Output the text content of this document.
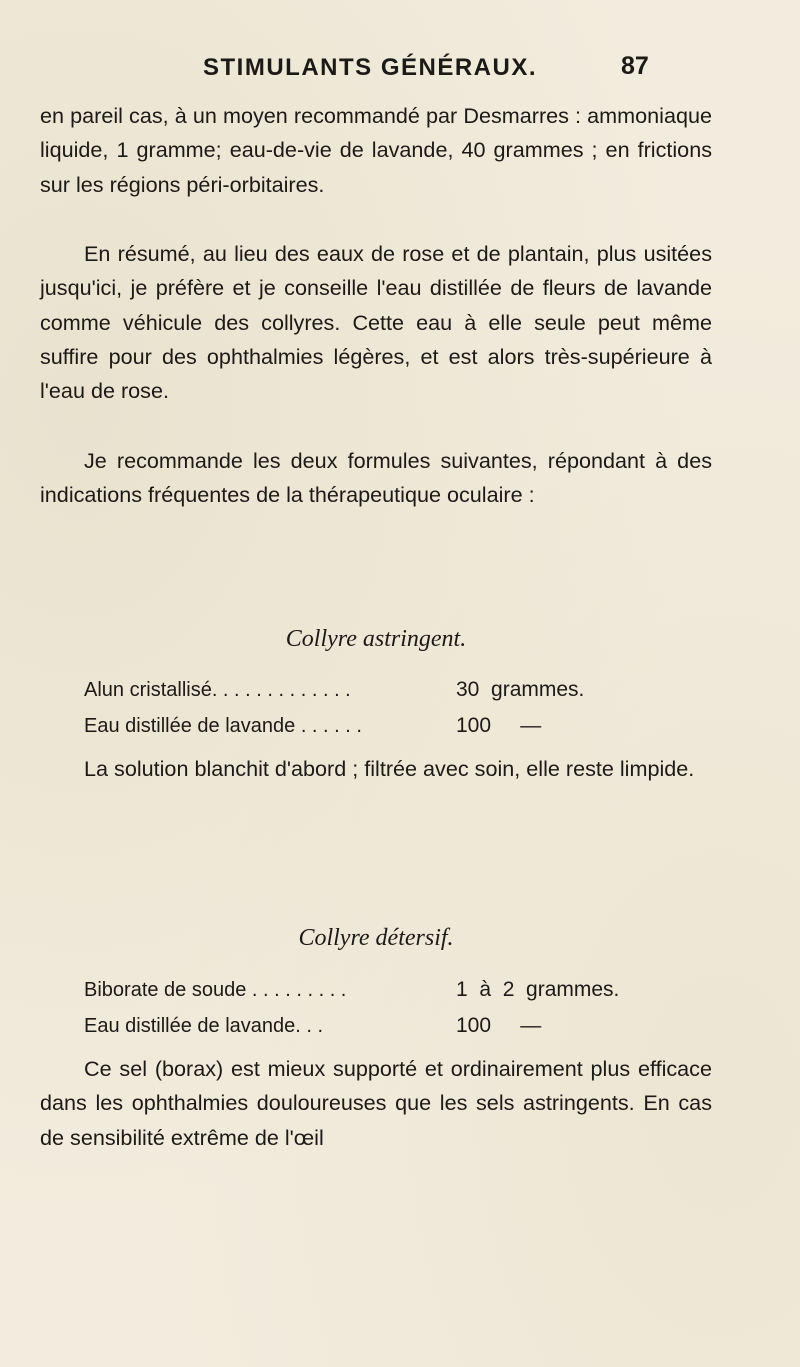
STIMULANTS GÉNÉRAUX.	87

en pareil cas, à un moyen recommandé par Desmarres : ammoniaque liquide, 1 gramme; eau-de-vie de lavande, 40 grammes ; en frictions sur les régions péri-orbitaires.

En résumé, au lieu des eaux de rose et de plantain, plus usitées jusqu'ici, je préfère et je conseille l'eau distillée de fleurs de lavande comme véhicule des collyres. Cette eau à elle seule peut même suffire pour des ophthalmies légères, et est alors très-supérieure à l'eau de rose.

Je recommande les deux formules suivantes, répondant à des indications fréquentes de la thérapeutique oculaire :

Collyre astringent.
Alun cristallisé. . . . . . . . . . . . .	30  grammes.
Eau distillée de lavande . . . . . .	100     —

La solution blanchit d'abord ; filtrée avec soin, elle reste limpide.

Collyre détersif.
Biborate de soude . . . . . . . . .	1  à  2  grammes.
Eau distillée de lavande. . .	100     —

Ce sel (borax) est mieux supporté et ordinairement plus efficace dans les ophthalmies douloureuses que les sels astringents. En cas de sensibilité extrême de l'œil
